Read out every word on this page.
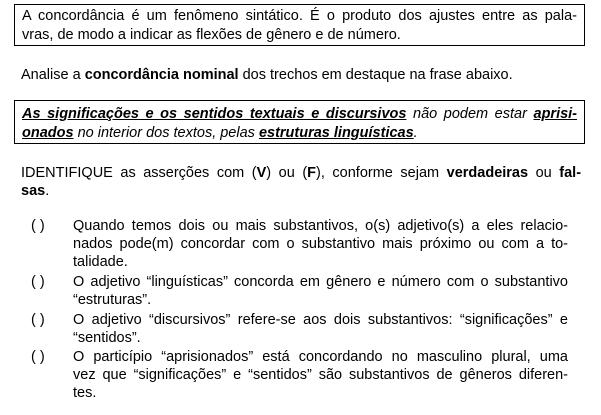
A concordância é um fenômeno sintático. É o produto dos ajustes entre as pala-
vras, de modo a indicar as flexões de gênero e de número.
Analise a concordância nominal dos trechos em destaque na frase abaixo.
As significações e os sentidos textuais e discursivos não podem estar aprisi-
onados no interior dos textos, pelas estruturas linguísticas.
IDENTIFIQUE as asserções com (V) ou (F), conforme sejam verdadeiras ou fal-
sas.
( )	Quando temos dois ou mais substantivos, o(s) adjetivo(s) a eles relacio-
nados pode(m) concordar com o substantivo mais próximo ou com a to-
talidade.
( )	O adjetivo “linguísticas” concorda em gênero e número com o substantivo
“estruturas”.
( )	O adjetivo “discursivos” refere-se aos dois substantivos: “significações” e
“sentidos”.
( )	O particípio “aprisionados” está concordando no masculino plural, uma
vez que “significações” e “sentidos” são substantivos de gêneros diferen-
tes.
